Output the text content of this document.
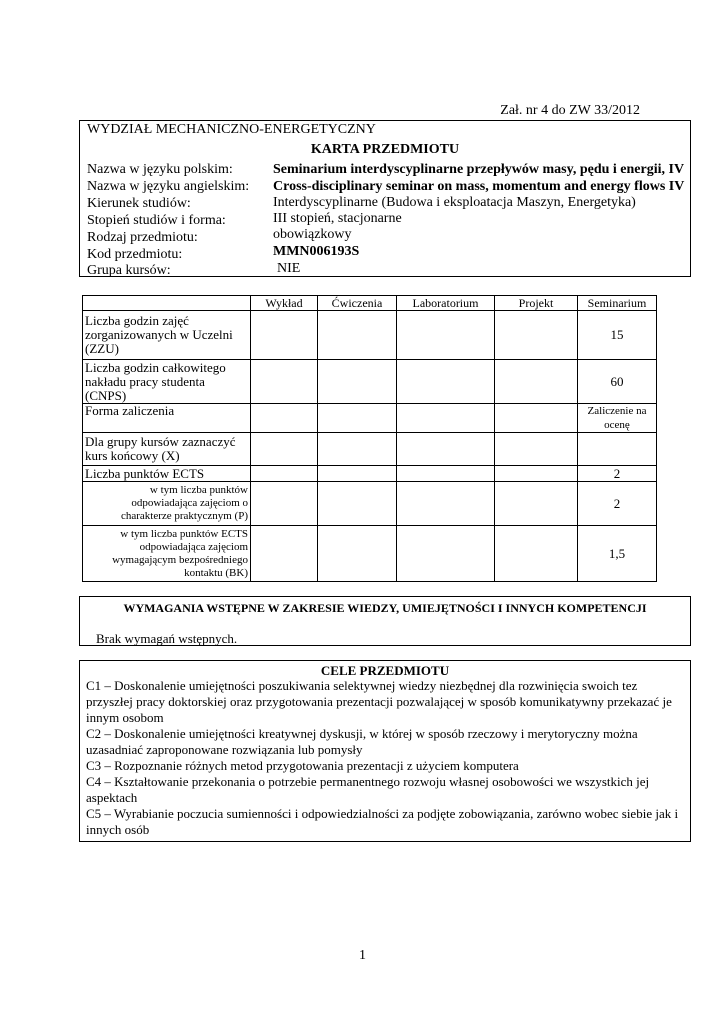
Zał. nr 4 do ZW 33/2012
WYDZIAŁ MECHANICZNO-ENERGETYCZNY
KARTA PRZEDMIOTU
Nazwa w języku polskim:	Seminarium interdyscyplinarne przepływów masy, pędu i energii, IV
Nazwa w języku angielskim: Cross-disciplinary seminar on mass, momentum and energy flows IV
Kierunek studiów:	Interdyscyplinarne (Budowa i eksploatacja Maszyn, Energetyka)
Stopień studiów i forma:	III stopień, stacjonarne
Rodzaj przedmiotu:	obowiązkowy
Kod przedmiotu:	MMN006193S
Grupa kursów:	NIE
	Wykład	Ćwiczenia	Laboratorium	Projekt	Seminarium
Liczba godzin zajęć zorganizowanych w Uczelni (ZZU)					15
Liczba godzin całkowitego nakładu pracy studenta (CNPS)					60
Forma zaliczenia					Zaliczenie na ocenę
Dla grupy kursów zaznaczyć kurs końcowy (X)					
Liczba punktów ECTS					2
w tym liczba punktów odpowiadająca zajęciom o charakterze praktycznym (P)					2
w tym liczba punktów ECTS odpowiadająca zajęciom wymagającym bezpośredniego kontaktu (BK)					1,5
WYMAGANIA WSTĘPNE W ZAKRESIE WIEDZY, UMIEJĘTNOŚCI I INNYCH KOMPETENCJI
Brak wymagań wstępnych.
CELE PRZEDMIOTU

C1 – Doskonalenie umiejętności poszukiwania selektywnej wiedzy niezbędnej dla rozwinięcia swoich tez przyszłej pracy doktorskiej oraz przygotowania prezentacji pozwalającej w sposób komunikatywny przekazać je innym osobom

C2 – Doskonalenie umiejętności kreatywnej dyskusji, w której w sposób rzeczowy i merytoryczny można uzasadniać zaproponowane rozwiązania lub pomysły

C3 – Rozpoznanie różnych metod przygotowania prezentacji z użyciem komputera

C4 – Kształtowanie przekonania o potrzebie permanentnego rozwoju własnej osobowości we wszystkich jej aspektach

C5 – Wyrabianie poczucia sumienności i odpowiedzialności za podjęte zobowiązania, zarówno wobec siebie jak i innych osób

1
